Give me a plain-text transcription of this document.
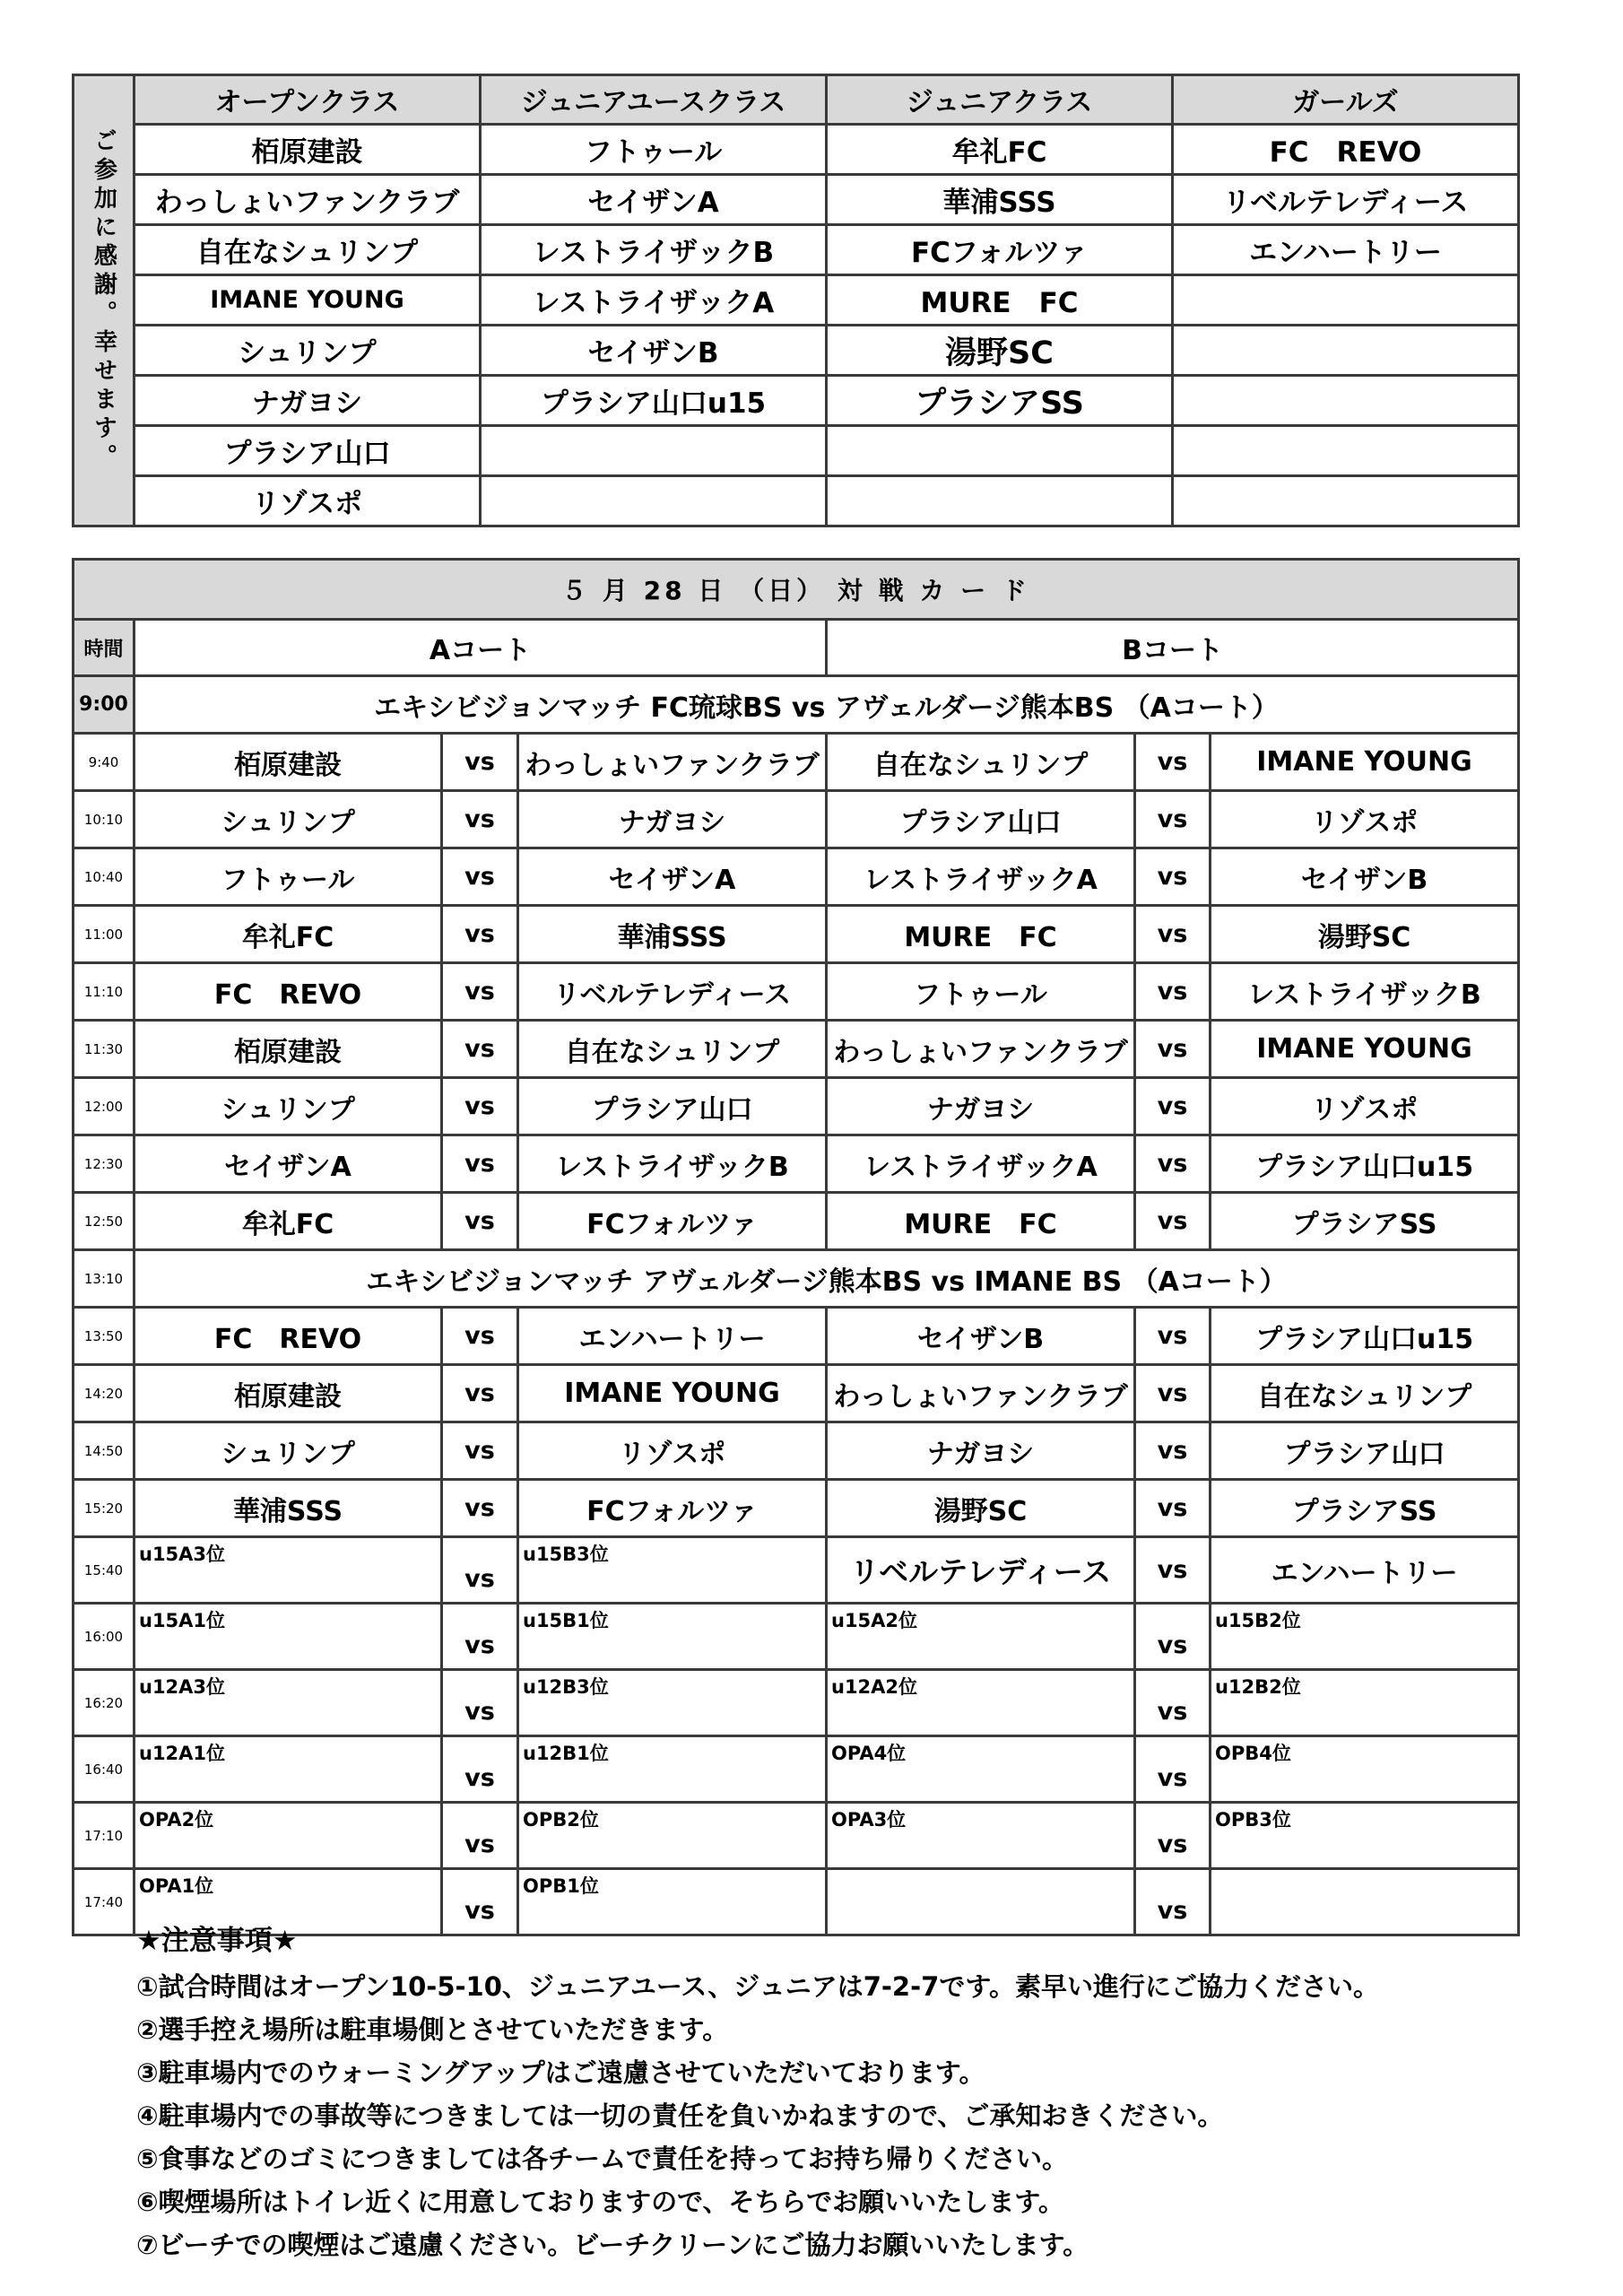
ご参加に感謝。幸せます。	オープンクラス	ジュニアユースクラス	ジュニアクラス	ガールズ
	栢原建設	フトゥール	牟礼FC	FC　REVO
	わっしょいファンクラブ	セイザンA	華浦SSS	リベルテレディース
	自在なシュリンプ	レストライザックB	FCフォルツァ	エンハートリー
	IMANE YOUNG	レストライザックA	MURE　FC	
	シュリンプ	セイザンB	湯野SC	
	ナガヨシ	プラシア山口u15	プラシアSS	
	プラシア山口			
	リゾスポ			
５ 月 28 日 （日） 対 戦 カ ー ド						
時間	Aコート			Bコート		
9:00	エキシビジョンマッチ FC琉球BS vs アヴェルダージ熊本BS （Aコート）					
9:40	栢原建設	vs	わっしょいファンクラブ	自在なシュリンプ	vs	IMANE YOUNG
10:10	シュリンプ	vs	ナガヨシ	プラシア山口	vs	リゾスポ
10:40	フトゥール	vs	セイザンA	レストライザックA	vs	セイザンB
11:00	牟礼FC	vs	華浦SSS	MURE　FC	vs	湯野SC
11:10	FC　REVO	vs	リベルテレディース	フトゥール	vs	レストライザックB
11:30	栢原建設	vs	自在なシュリンプ	わっしょいファンクラブ	vs	IMANE YOUNG
12:00	シュリンプ	vs	プラシア山口	ナガヨシ	vs	リゾスポ
12:30	セイザンA	vs	レストライザックB	レストライザックA	vs	プラシア山口u15
12:50	牟礼FC	vs	FCフォルツァ	MURE　FC	vs	プラシアSS
13:10	エキシビジョンマッチ アヴェルダージ熊本BS vs IMANE BS （Aコート）					
13:50	FC　REVO	vs	エンハートリー	セイザンB	vs	プラシア山口u15
14:20	栢原建設	vs	IMANE YOUNG	わっしょいファンクラブ	vs	自在なシュリンプ
14:50	シュリンプ	vs	リゾスポ	ナガヨシ	vs	プラシア山口
15:20	華浦SSS	vs	FCフォルツァ	湯野SC	vs	プラシアSS
15:40	u15A3位	vs	u15B3位	リベルテレディース	vs	エンハートリー
16:00	u15A1位	vs	u15B1位	u15A2位	vs	u15B2位
16:20	u12A3位	vs	u12B3位	u12A2位	vs	u12B2位
16:40	u12A1位	vs	u12B1位	OPA4位	vs	OPB4位
17:10	OPA2位	vs	OPB2位	OPA3位	vs	OPB3位
17:40	OPA1位	vs	OPB1位		vs	
★注意事項★
①試合時間はオープン10-5-10、ジュニアユース、ジュニアは7-2-7です。素早い進行にご協力ください。
②選手控え場所は駐車場側とさせていただきます。
③駐車場内でのウォーミングアップはご遠慮させていただいております。
④駐車場内での事故等につきましては一切の責任を負いかねますので、ご承知おきください。
⑤食事などのゴミにつきましては各チームで責任を持ってお持ち帰りください。
⑥喫煙場所はトイレ近くに用意しておりますので、そちらでお願いいたします。
⑦ビーチでの喫煙はご遠慮ください。ビーチクリーンにご協力お願いいたします。
